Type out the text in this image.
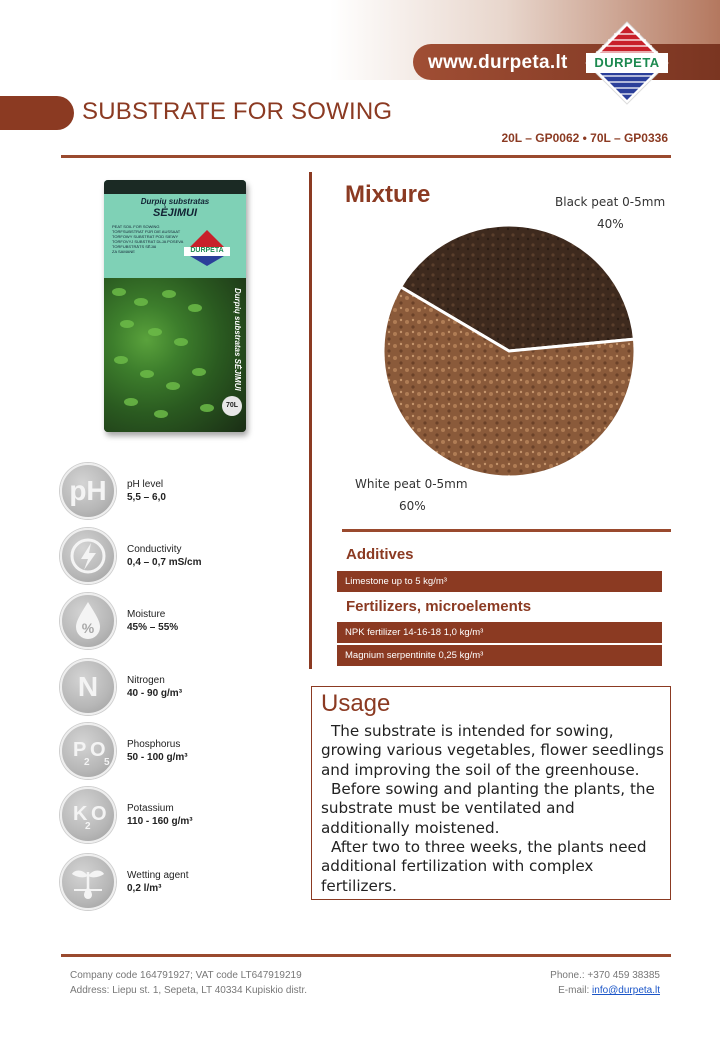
www.durpeta.lt	DURPETA
SUBSTRATE FOR SOWING
20L – GP0062 • 70L – GP0336
Durpių substratas
SĖJIMUI
PEAT SOIL FOR SOWING
TORFSUBSTRAT FÜR DIE AUSSAAT
TORFOWY SUBSTRAT POD SIEWY
TORFOVYJ SUBSTRAT DLJA POSEVA
TORFUBSTRĀTS SĒJAI
ZA SAMANE	DURPETA
Durpių substratas SĖJIMUI
70L
pH	pH level
5,5 – 6,0
Conductivity
0,4 – 0,7 mS/cm
%
Moisture
45% – 55%
N	Nitrogen
40 - 90 g/m³
P
2
O
5
Phosphorus
50 - 100 g/m³
K
2
O Potassium
110 - 160 g/m³
Wetting agent
0,2 l/m³
Mixture	Black peat 0-5mm
40%
White peat 0-5mm
60%
Additives
Limestone up to 5 kg/m³
Fertilizers, microelements
NPK fertilizer 14-16-18 1,0 kg/m³
Magnium serpentinite 0,25 kg/m³
Usage

The substrate is intended for sowing, growing various vegetables, flower seedlings and improving the soil of the greenhouse.

Before sowing and planting the plants, the substrate must be ventilated and additionally moistened.

After two to three weeks, the plants need additional fertilization with complex fertilizers.

Company code 164791927; VAT code LT647919219
Address: Liepu st. 1, Sepeta, LT 40334 Kupiskio distr.
Phone.: +370 459 38385
E-mail: info@durpeta.lt
